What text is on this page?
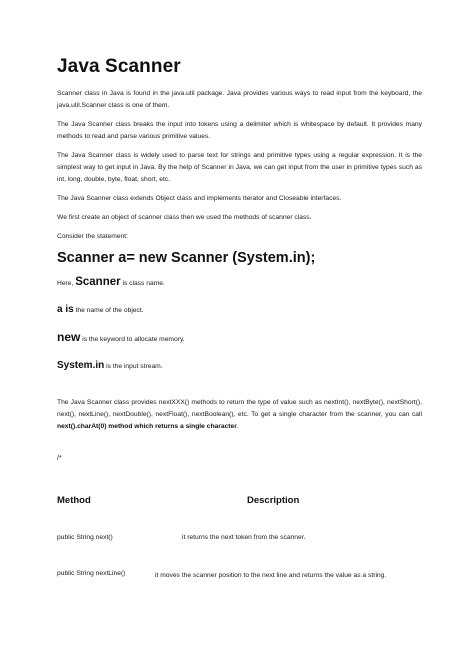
Java Scanner

Scanner class in Java is found in the java.util package. Java provides various ways to read input from the keyboard, the java.util.Scanner class is one of them.

The Java Scanner class breaks the input into tokens using a delimiter which is whitespace by default. It provides many methods to read and parse various primitive values.

The Java Scanner class is widely used to parse text for strings and primitive types using a regular expression. It is the simplest way to get input in Java. By the help of Scanner in Java, we can get input from the user in primitive types such as int, long, double, byte, float, short, etc.

The Java Scanner class extends Object class and implements Iterator and Closeable interfaces.

We first create an object of scanner class then we used the methods of scanner class.

Consider the statement:

Scanner a= new Scanner (System.in);
Here, Scanner is class name.
a is the name of the object.
new is the keyword to allocate memory.
System.in is the input stream.

The Java Scanner class provides nextXXX() methods to return the type of value such as nextInt(), nextByte(), nextShort(), next(), nextLine(), nextDouble(), nextFloat(), nextBoolean(), etc. To get a single character from the scanner, you can call next().charAt(0) method which returns a single character.

/*
Method	Description
public String next()	it returns the next token from the scanner.
public String nextLine()	it moves the scanner position to the next line and returns the value as a string.
